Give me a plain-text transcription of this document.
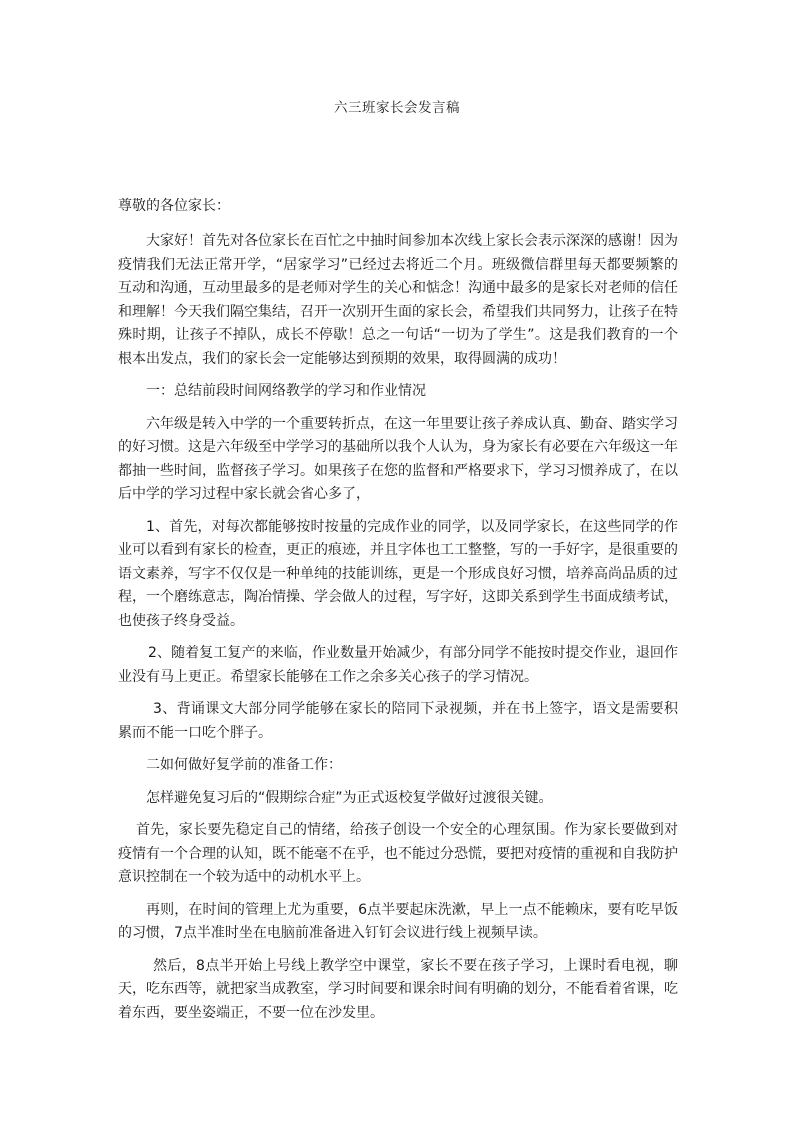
六三班家长会发言稿
尊敬的各位家长：

大家好！首先对各位家长在百忙之中抽时间参加本次线上家长会表示深深的感谢！因为疫情我们无法正常开学，“居家学习”已经过去将近二个月。班级微信群里每天都要频繁的互动和沟通，互动里最多的是老师对学生的关心和惦念！沟通中最多的是家长对老师的信任和理解！今天我们隔空集结，召开一次别开生面的家长会，希望我们共同努力，让孩子在特殊时期，让孩子不掉队，成长不停歇！总之一句话“一切为了学生”。这是我们教育的一个根本出发点，我们的家长会一定能够达到预期的效果，取得圆满的成功！

一：总结前段时间网络教学的学习和作业情况

六年级是转入中学的一个重要转折点，在这一年里要让孩子养成认真、勤奋、踏实学习的好习惯。这是六年级至中学学习的基础所以我个人认为，身为家长有必要在六年级这一年都抽一些时间，监督孩子学习。如果孩子在您的监督和严格要求下，学习习惯养成了，在以后中学的学习过程中家长就会省心多了，

1、首先，对每次都能够按时按量的完成作业的同学，以及同学家长，在这些同学的作业可以看到有家长的检查，更正的痕迹，并且字体也工工整整，写的一手好字，是很重要的语文素养，写字不仅仅是一种单纯的技能训练，更是一个形成良好习惯，培养高尚品质的过程，一个磨练意志，陶冶情操、学会做人的过程，写字好，这即关系到学生书面成绩考试，也使孩子终身受益。

2、随着复工复产的来临，作业数量开始减少，有部分同学不能按时提交作业，退回作业没有马上更正。希望家长能够在工作之余多关心孩子的学习情况。

3、背诵课文大部分同学能够在家长的陪同下录视频，并在书上签字，语文是需要积累而不能一口吃个胖子。

二如何做好复学前的准备工作：

怎样避免复习后的“假期综合症”为正式返校复学做好过渡很关键。

首先，家长要先稳定自己的情绪，给孩子创设一个安全的心理氛围。作为家长要做到对疫情有一个合理的认知，既不能毫不在乎，也不能过分恐慌，要把对疫情的重视和自我防护意识控制在一个较为适中的动机水平上。

再则，在时间的管理上尤为重要，6点半要起床洗漱，早上一点不能赖床，要有吃早饭的习惯，7点半准时坐在电脑前准备进入钉钉会议进行线上视频早读。

然后，8点半开始上号线上教学空中课堂，家长不要在孩子学习，上课时看电视，聊天，吃东西等，就把家当成教室，学习时间要和课余时间有明确的划分，不能看着省课，吃着东西，要坐姿端正，不要一位在沙发里。
